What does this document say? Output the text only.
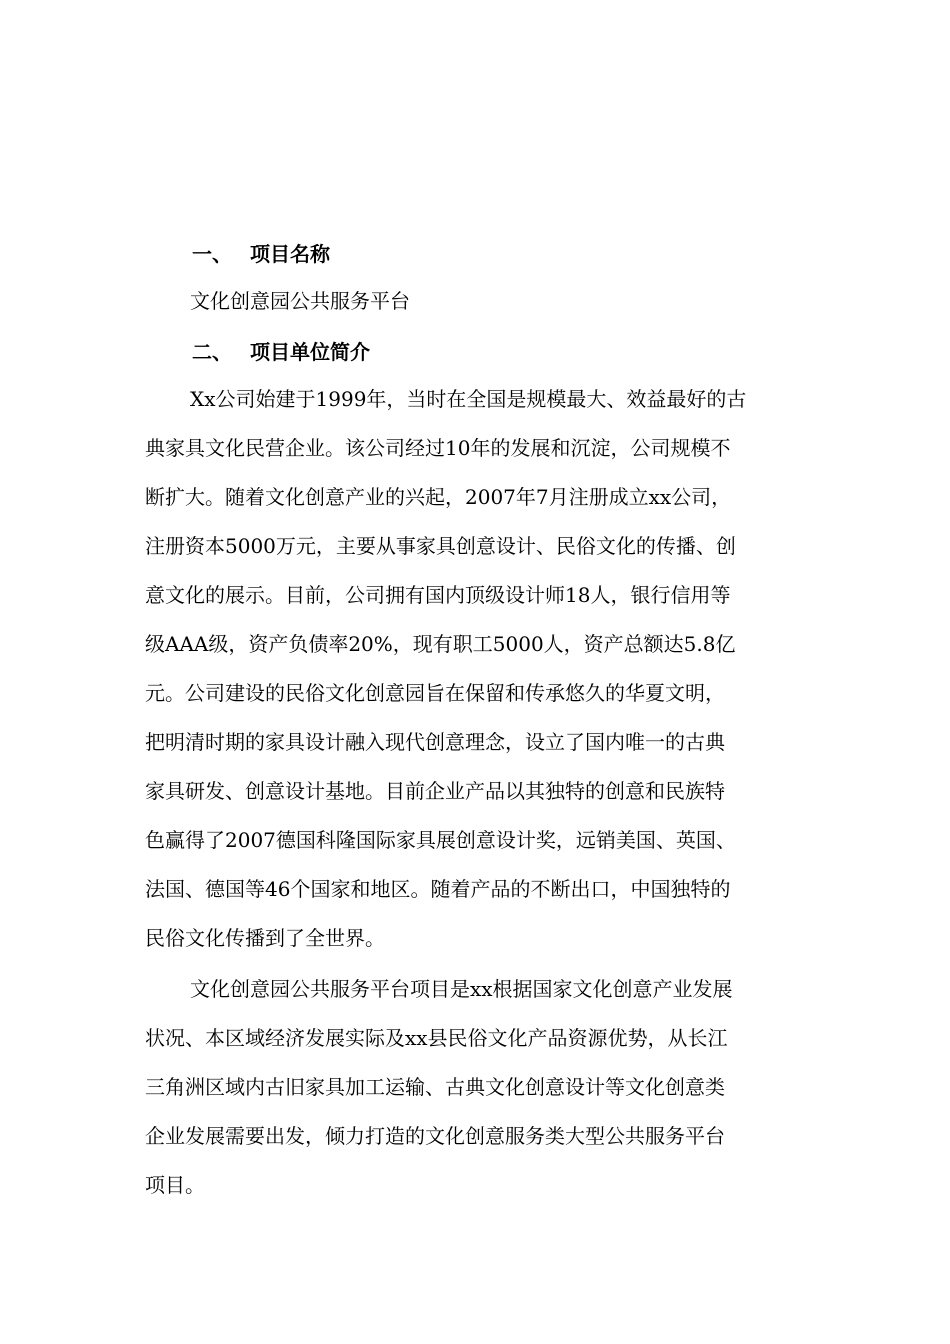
一、 项目名称
文化创意园公共服务平台
二、 项目单位简介
Xx公司始建于1999年，当时在全国是规模最大、效益最好的古
典家具文化民营企业。该公司经过10年的发展和沉淀，公司规模不
断扩大。随着文化创意产业的兴起，2007年7月注册成立xx公司，
注册资本5000万元，主要从事家具创意设计、民俗文化的传播、创
意文化的展示。目前，公司拥有国内顶级设计师18人，银行信用等
级AAA级，资产负债率20%，现有职工5000人，资产总额达5.8亿
元。公司建设的民俗文化创意园旨在保留和传承悠久的华夏文明，
把明清时期的家具设计融入现代创意理念，设立了国内唯一的古典
家具研发、创意设计基地。目前企业产品以其独特的创意和民族特
色赢得了2007德国科隆国际家具展创意设计奖，远销美国、英国、
法国、德国等46个国家和地区。随着产品的不断出口，中国独特的
民俗文化传播到了全世界。
文化创意园公共服务平台项目是xx根据国家文化创意产业发展
状况、本区域经济发展实际及xx县民俗文化产品资源优势，从长江
三角洲区域内古旧家具加工运输、古典文化创意设计等文化创意类
企业发展需要出发，倾力打造的文化创意服务类大型公共服务平台
项目。
